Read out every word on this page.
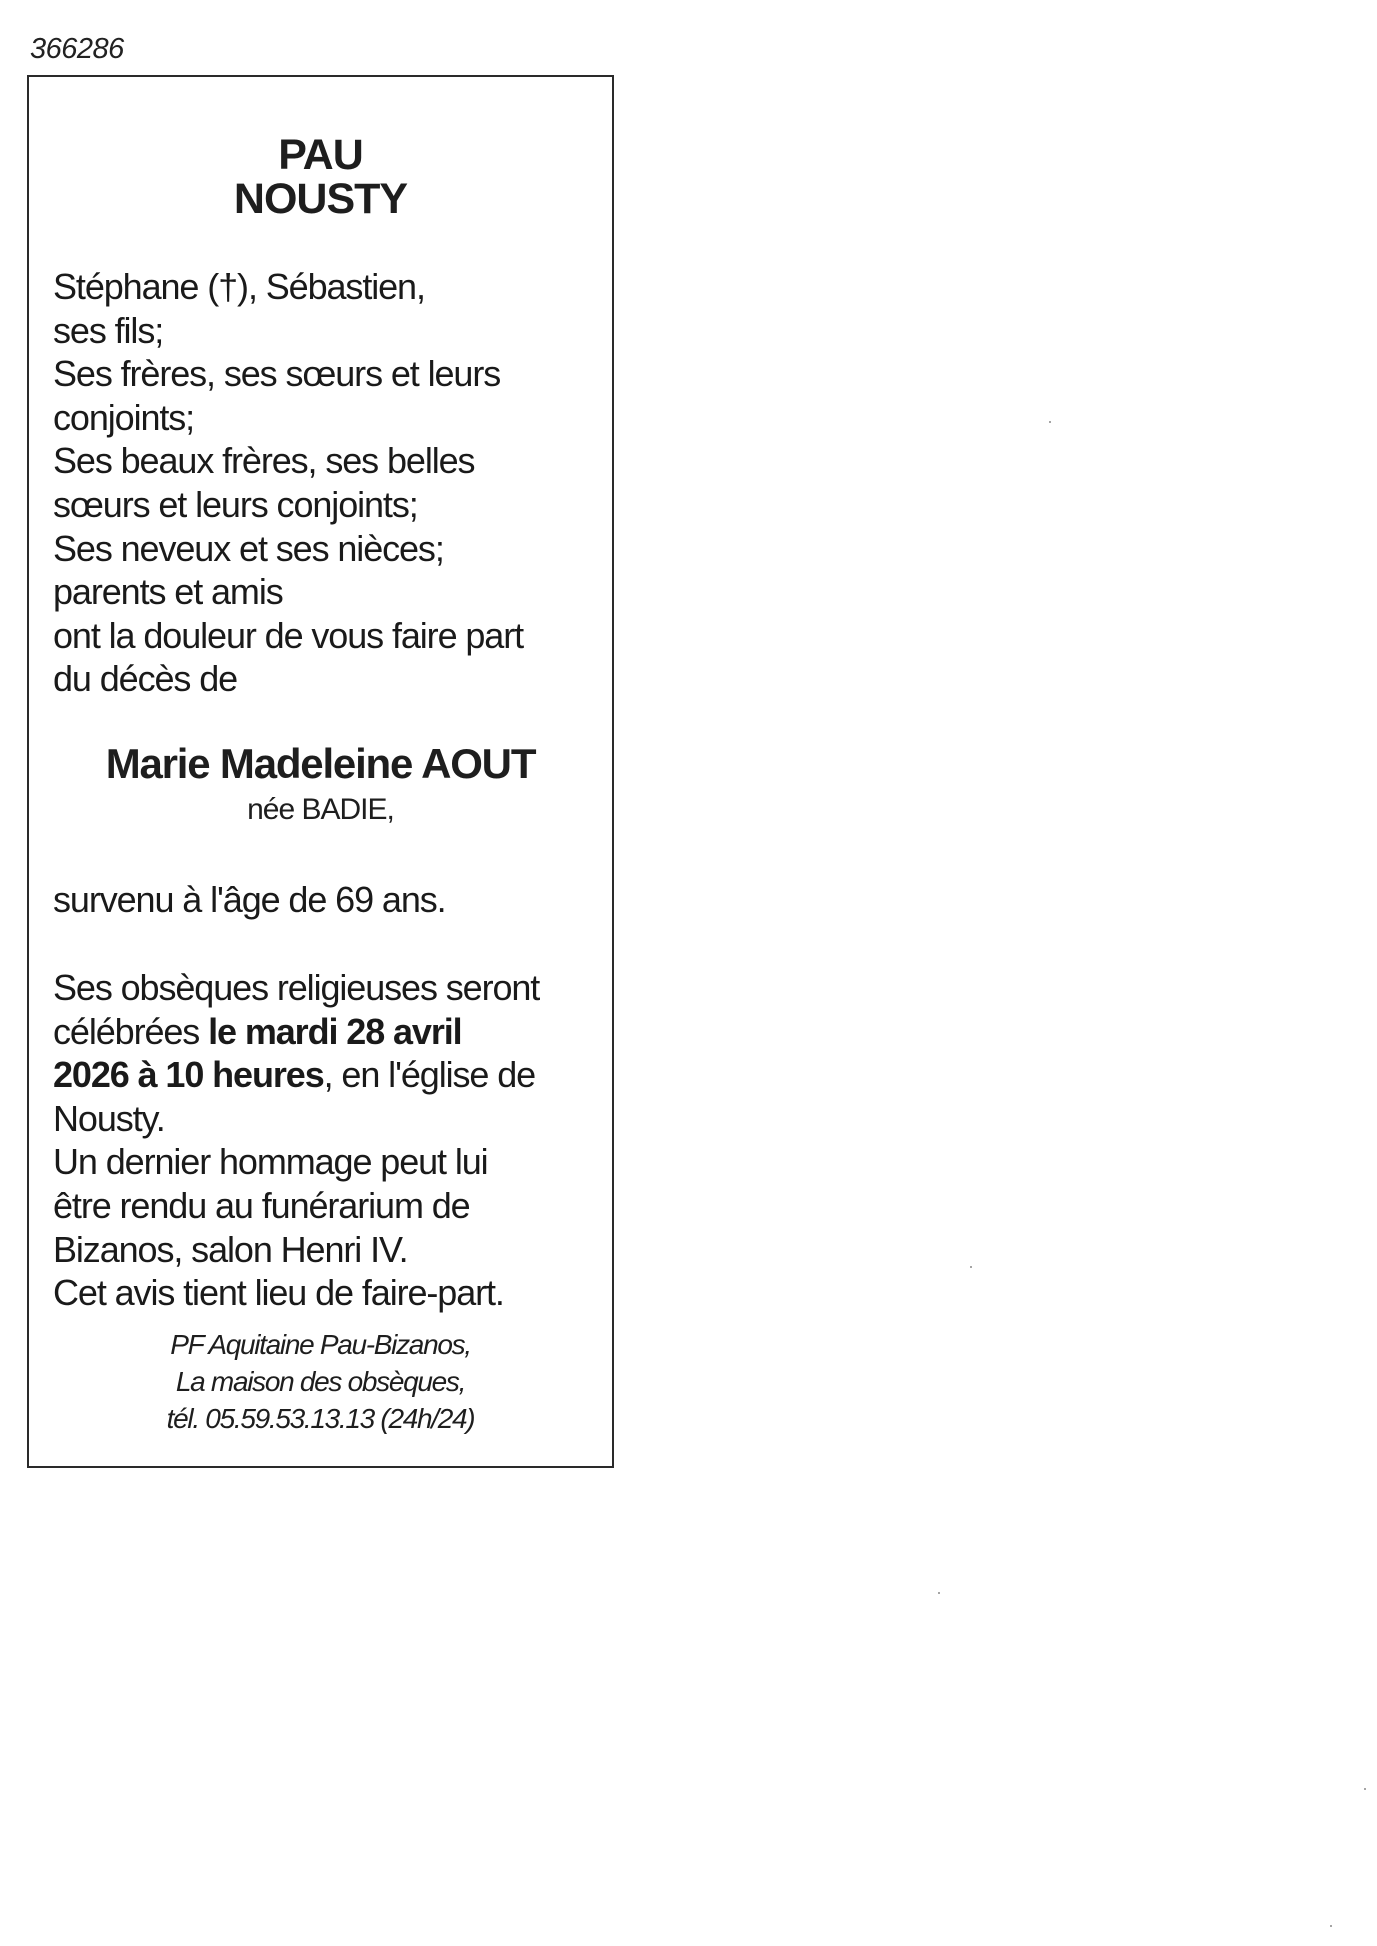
366286
PAU
NOUSTY
Stéphane (†), Sébastien,
ses fils;
Ses frères, ses sœurs et leurs
conjoints;
Ses beaux frères, ses belles
sœurs et leurs conjoints;
Ses neveux et ses nièces;
parents et amis
ont la douleur de vous faire part
du décès de
Marie Madeleine AOUT
née BADIE,
survenu à l'âge de 69 ans.
Ses obsèques religieuses seront
célébrées le mardi 28 avril
2026 à 10 heures, en l'église de
Nousty.
Un dernier hommage peut lui
être rendu au funérarium de
Bizanos, salon Henri IV.
Cet avis tient lieu de faire-part.
PF Aquitaine Pau-Bizanos,
La maison des obsèques,
tél. 05.59.53.13.13 (24h/24)
